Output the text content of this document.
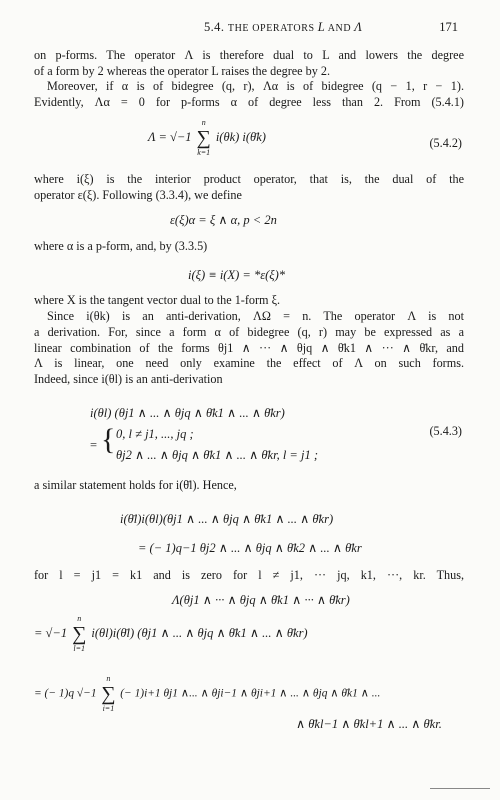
5.4. THE OPERATORS L AND Λ	171
on p-forms. The operator Λ is therefore dual to L and lowers the degree
of a form by 2 whereas the operator L raises the degree by 2.
Moreover, if α is of bidegree (q, r), Λα is of bidegree (q − 1, r − 1).
Evidently, Λα = 0 for p-forms α of degree less than 2. From (5.4.1)
Λ = √−1 ∑
n
k=1
i(θk) i(θ̄k)	(5.4.2)
where i(ξ) is the interior product operator, that is, the dual of the
operator ε(ξ). Following (3.3.4), we define
ε(ξ)α = ξ ∧ α, p < 2n
where α is a p-form, and, by (3.3.5)
i(ξ) ≡ i(X) = *ε(ξ)*
where X is the tangent vector dual to the 1-form ξ.
Since i(θk) is an anti-derivation, ΛΩ = n. The operator Λ is not
a derivation. For, since a form α of bidegree (q, r) may be expressed as a
linear combination of the forms θj1 ∧ ··· ∧ θjq ∧ θ̄k1 ∧ ··· ∧ θ̄kr, and
Λ is linear, one need only examine the effect of Λ on such forms.
Indeed, since i(θl) is an anti-derivation
i(θl) (θj1 ∧ ... ∧ θjq ∧ θ̄k1 ∧ ... ∧ θ̄kr)
= { 0, l ≠ j1, ..., jq ;
θj2 ∧ ... ∧ θjq ∧ θ̄k1 ∧ ... ∧ θ̄kr, l = j1 ;
(5.4.3)
a similar statement holds for i(θ̄l). Hence,
i(θ̄l)i(θl)(θj1 ∧ ... ∧ θjq ∧ θ̄k1 ∧ ... ∧ θ̄kr)
= (− 1)q−1 θj2 ∧ ... ∧ θjq ∧ θ̄k2 ∧ ... ∧ θ̄kr
for l = j1 = k1 and is zero for l ≠ j1, ··· jq, k1, ···, kr. Thus,
Λ(θj1 ∧ ··· ∧ θjq ∧ θ̄k1 ∧ ··· ∧ θ̄kr)
= √−1 ∑
n
l=1
i(θl)i(θ̄l) (θj1 ∧ ... ∧ θjq ∧ θ̄k1 ∧ ... ∧ θ̄kr)
= (− 1)q √−1 ∑
n
i=1
(− 1)i+1 θj1 ∧... ∧ θji−1 ∧ θji+1 ∧ ... ∧ θjq ∧ θ̄k1 ∧ ...
∧ θ̄kl−1 ∧ θ̄kl+1 ∧ ... ∧ θ̄kr.
